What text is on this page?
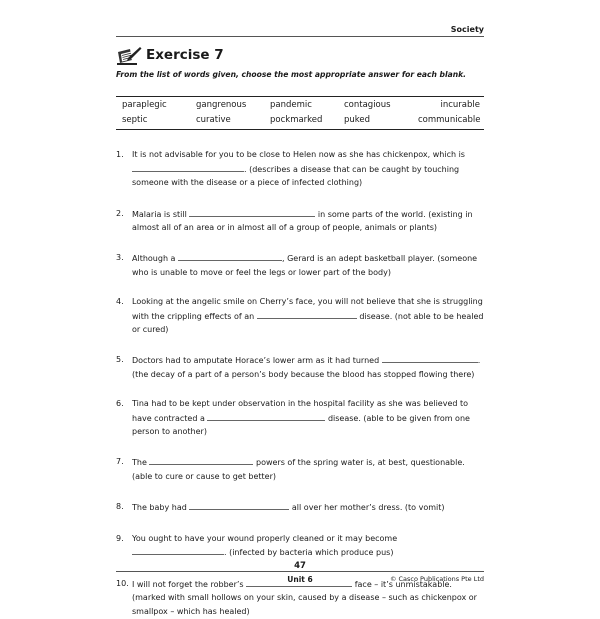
Society
Exercise 7
From the list of words given, choose the most appropriate answer for each blank.
paraplegic	gangrenous	pandemic	contagious	incurable
septic	curative	pockmarked	puked	communicable
1. It is not advisable for you to be close to Helen now as she has chickenpox, which is . (describes a disease that can be caught by touching someone with the disease or a piece of infected clothing)
2. Malaria is still	in some parts of the world. (existing in almost all of an area or in almost all of a group of people, animals or plants)
3. Although a	, Gerard is an adept basketball player. (someone who is unable to move or feel the legs or lower part of the body)
4. Looking at the angelic smile on Cherry’s face, you will not believe that she is struggling with the crippling effects of an	disease. (not able to be healed or cured)
5. Doctors had to amputate Horace’s lower arm as it had turned	. (the decay of a part of a person’s body because the blood has stopped flowing there)
6. Tina had to be kept under observation in the hospital facility as she was believed to have contracted a	disease. (able to be given from one person to another)
7. The	powers of the spring water is, at best, questionable. (able to cure or cause to get better)
8. The baby had	all over her mother’s dress. (to vomit)
9. You ought to have your wound properly cleaned or it may become . (infected by bacteria which produce pus)
10. I will not forget the robber’s	face – it’s unmistakable. (marked with small hollows on your skin, caused by a disease – such as chickenpox or smallpox – which has healed)
47
Unit 6	© Casco Publications Pte Ltd
